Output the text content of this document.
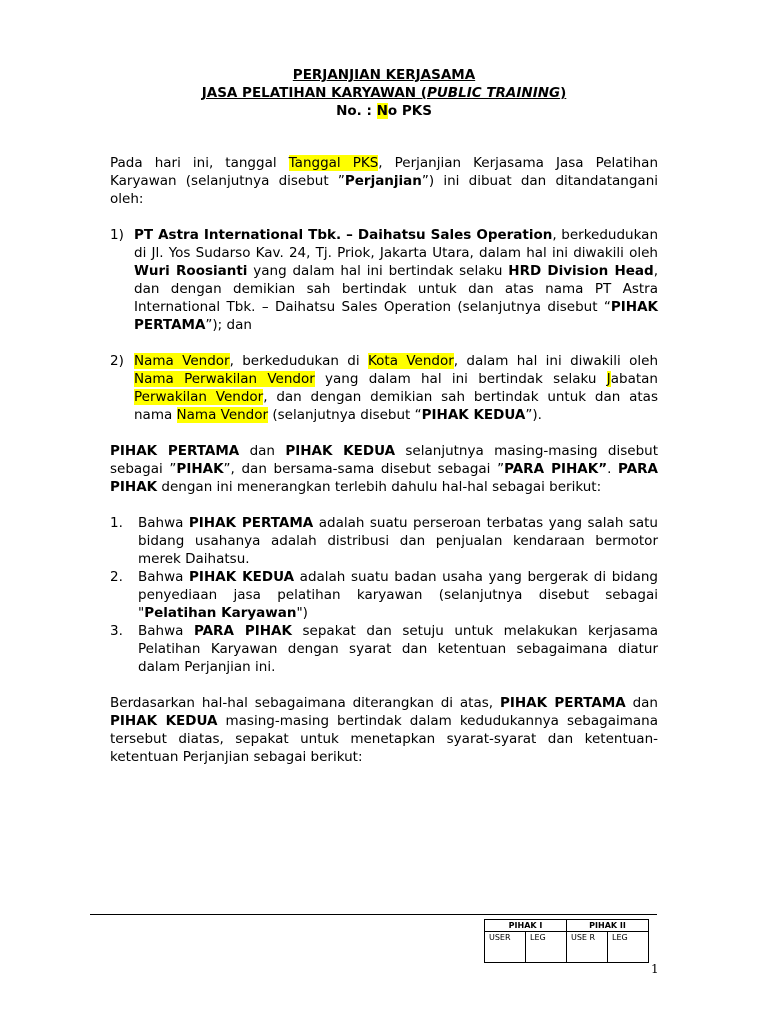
PERJANJIAN KERJASAMA
JASA PELATIHAN KARYAWAN (PUBLIC TRAINING)
No. : No PKS

Pada hari ini, tanggal Tanggal PKS, Perjanjian Kerjasama Jasa Pelatihan Karyawan (selanjutnya disebut ”Perjanjian”) ini dibuat dan ditandatangani oleh:

1) PT Astra International Tbk. – Daihatsu Sales Operation, berkedudukan di Jl. Yos Sudarso Kav. 24, Tj. Priok, Jakarta Utara, dalam hal ini diwakili oleh Wuri Roosianti yang dalam hal ini bertindak selaku HRD Division Head, dan dengan demikian sah bertindak untuk dan atas nama PT Astra International Tbk. – Daihatsu Sales Operation (selanjutnya disebut “PIHAK PERTAMA”); dan
2) Nama Vendor, berkedudukan di Kota Vendor, dalam hal ini diwakili oleh Nama Perwakilan Vendor yang dalam hal ini bertindak selaku Jabatan Perwakilan Vendor, dan dengan demikian sah bertindak untuk dan atas nama Nama Vendor (selanjutnya disebut “PIHAK KEDUA”).

PIHAK PERTAMA dan PIHAK KEDUA selanjutnya masing-masing disebut sebagai ”PIHAK”, dan bersama-sama disebut sebagai ”PARA PIHAK”. PARA PIHAK dengan ini menerangkan terlebih dahulu hal-hal sebagai berikut:

1. Bahwa PIHAK PERTAMA adalah suatu perseroan terbatas yang salah satu bidang usahanya adalah distribusi dan penjualan kendaraan bermotor merek Daihatsu.
2. Bahwa PIHAK KEDUA adalah suatu badan usaha yang bergerak di bidang penyediaan jasa pelatihan karyawan (selanjutnya disebut sebagai "Pelatihan Karyawan")
3. Bahwa PARA PIHAK sepakat dan setuju untuk melakukan kerjasama Pelatihan Karyawan dengan syarat dan ketentuan sebagaimana diatur dalam Perjanjian ini.

Berdasarkan hal-hal sebagaimana diterangkan di atas, PIHAK PERTAMA dan PIHAK KEDUA masing-masing bertindak dalam kedudukannya sebagaimana tersebut diatas, sepakat untuk menetapkan syarat-syarat dan ketentuan-ketentuan Perjanjian sebagai berikut:

PIHAK I		PIHAK II	
USER	LEG	USE R	LEG
1
